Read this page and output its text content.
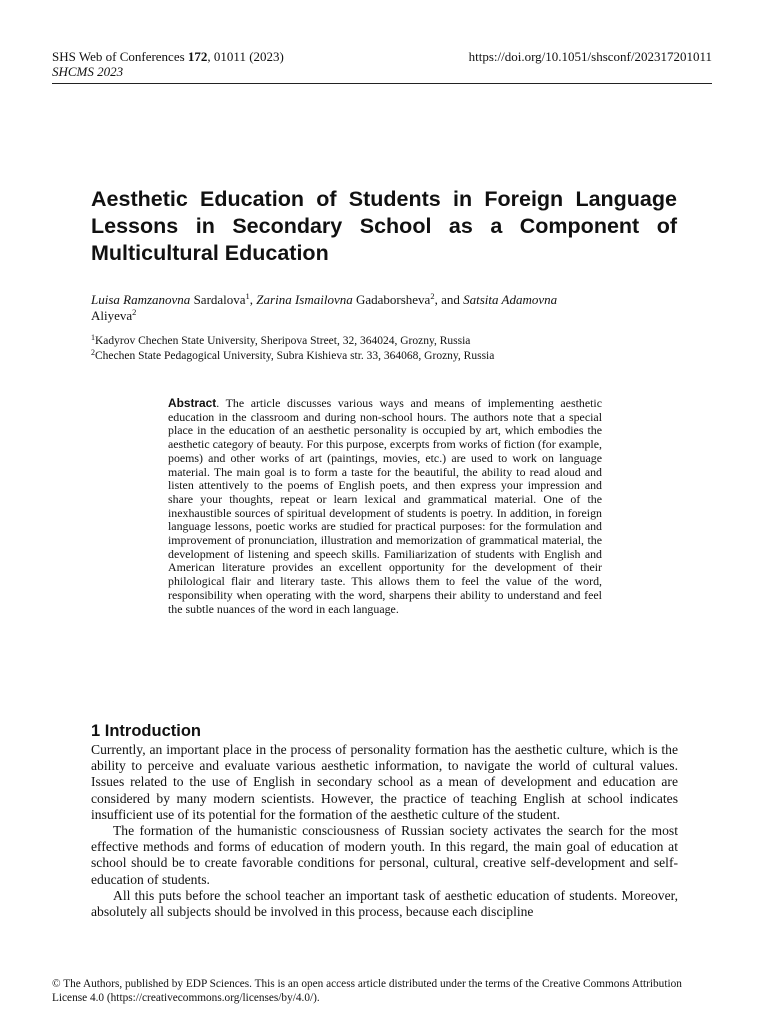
SHS Web of Conferences 172, 01011 (2023)
SHCMS 2023
https://doi.org/10.1051/shsconf/202317201011
Aesthetic Education of Students in Foreign Language Lessons in Secondary School as a Component of Multicultural Education
Luisa Ramzanovna Sardalova$^1$, Zarina Ismailovna Gadaborsheva$^2$, and Satsita Adamovna
Aliyeva$^2$
$^1$Kadyrov Chechen State University, Sheripova Street, 32, 364024, Grozny, Russia
$^2$Chechen State Pedagogical University, Subra Kishieva str. 33, 364068, Grozny, Russia
Abstract. The article discusses various ways and means of implementing aesthetic education in the classroom and during non-school hours. The authors note that a special place in the education of an aesthetic personality is occupied by art, which embodies the aesthetic category of beauty. For this purpose, excerpts from works of fiction (for example, poems) and other works of art (paintings, movies, etc.) are used to work on language material. The main goal is to form a taste for the beautiful, the ability to read aloud and listen attentively to the poems of English poets, and then express your impression and share your thoughts, repeat or learn lexical and grammatical material. One of the inexhaustible sources of spiritual development of students is poetry. In addition, in foreign language lessons, poetic works are studied for practical purposes: for the formulation and improvement of pronunciation, illustration and memorization of grammatical material, the development of listening and speech skills. Familiarization of students with English and American literature provides an excellent opportunity for the development of their philological flair and literary taste. This allows them to feel the value of the word, responsibility when operating with the word, sharpens their ability to understand and feel the subtle nuances of the word in each language.
1 Introduction

Currently, an important place in the process of personality formation has the aesthetic culture, which is the ability to perceive and evaluate various aesthetic information, to navigate the world of cultural values. Issues related to the use of English in secondary school as a mean of development and education are considered by many modern scientists. However, the practice of teaching English at school indicates insufficient use of its potential for the formation of the aesthetic culture of the student.

The formation of the humanistic consciousness of Russian society activates the search for the most effective methods and forms of education of modern youth. In this regard, the main goal of education at school should be to create favorable conditions for personal, cultural, creative self-development and self-education of students.

All this puts before the school teacher an important task of aesthetic education of students. Moreover, absolutely all subjects should be involved in this process, because each discipline

© The Authors, published by EDP Sciences. This is an open access article distributed under the terms of the Creative Commons Attribution License 4.0 (https://creativecommons.org/licenses/by/4.0/).
